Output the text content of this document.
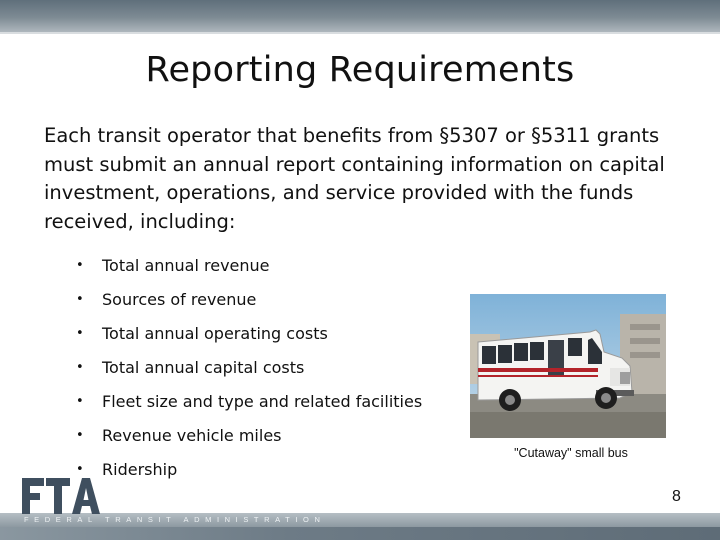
Reporting Requirements
Each transit operator that benefits from §5307 or §5311 grants must submit an annual report containing information on capital investment, operations, and service provided with the funds received, including:
•	Total annual revenue
•	Sources of revenue
•	Total annual operating costs
•	Total annual capital costs
•	Fleet size and type and related facilities
•	Revenue vehicle miles
•	Ridership
"Cutaway" small bus
FEDERAL TRANSIT ADMINISTRATION
8
